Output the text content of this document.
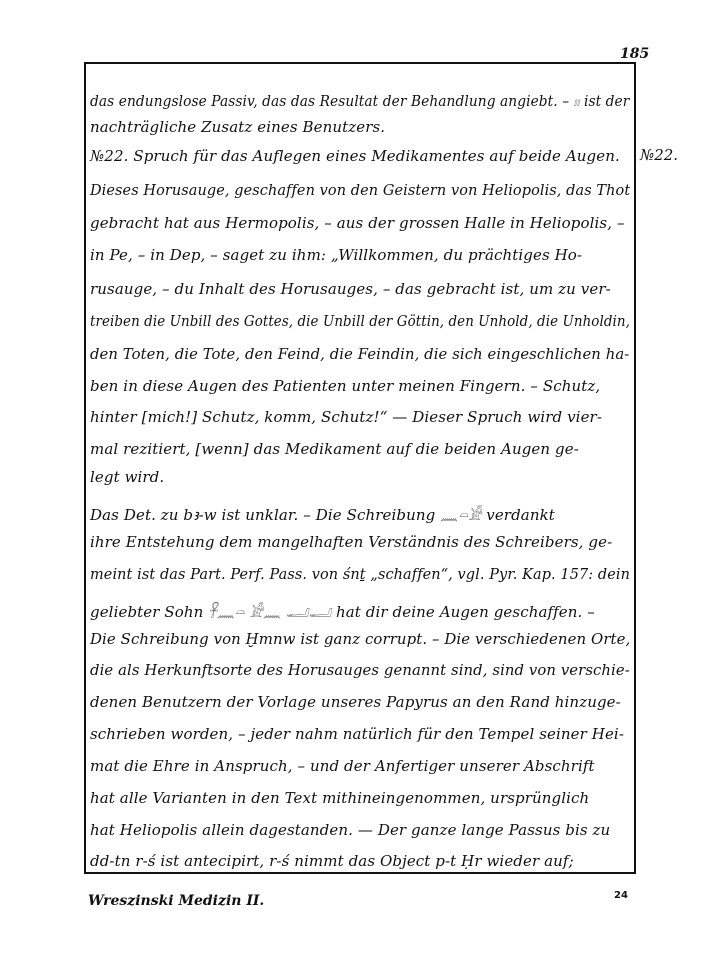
185
№22.
das endungslose Passiv, das das Resultat der Behandlung angiebt. – 𓏤𓏤 ist der
nachträgliche Zusatz eines Benutzers.
№22. Spruch für das Auflegen eines Medikamentes auf beide Augen.
Dieses Horusauge, geschaffen von den Geistern von Heliopolis, das Thot
gebracht hat aus Hermopolis, – aus der grossen Halle in Heliopolis, –
in Pe, – in Dep, – saget zu ihm: „Willkommen, du prächtiges Ho-
rusauge, – du Inhalt des Horusauges, – das gebracht ist, um zu ver-
treiben die Unbill des Gottes, die Unbill der Göttin, den Unhold, die Unholdin,
den Toten, die Tote, den Feind, die Feindin, die sich eingeschlichen ha-
ben in diese Augen des Patienten unter meinen Fingern. – Schutz,
hinter [mich!] Schutz, komm, Schutz!“ — Dieser Spruch wird vier-
mal rezitiert, [wenn] das Medikament auf die beiden Augen ge-
legt wird.
Das Det. zu bꜣ-w ist unklar. – Die Schreibung 𓈖𓏏𓀀 verdankt
ihre Entstehung dem mangelhaften Verständnis des Schreibers, ge-
meint ist das Part. Perf. Pass. von śnṯ „schaffen“, vgl. Pyr. Kap. 157: dein
geliebter Sohn 𓋹𓈖𓏏 𓀀𓈖 𓂝𓂝 hat dir deine Augen geschaffen. –
Die Schreibung von Ḫmnw ist ganz corrupt. – Die verschiedenen Orte,
die als Herkunftsorte des Horusauges genannt sind, sind von verschie-
denen Benutzern der Vorlage unseres Papyrus an den Rand hinzuge-
schrieben worden, – jeder nahm natürlich für den Tempel seiner Hei-
mat die Ehre in Anspruch, – und der Anfertiger unserer Abschrift
hat alle Varianten in den Text mithineingenommen, ursprünglich
hat Heliopolis allein dagestanden. — Der ganze lange Passus bis zu
dd-tn r-ś ist antecipirt, r-ś nimmt das Object p-t Ḥr wieder auf;
Wreszinski Medizin II.	24
